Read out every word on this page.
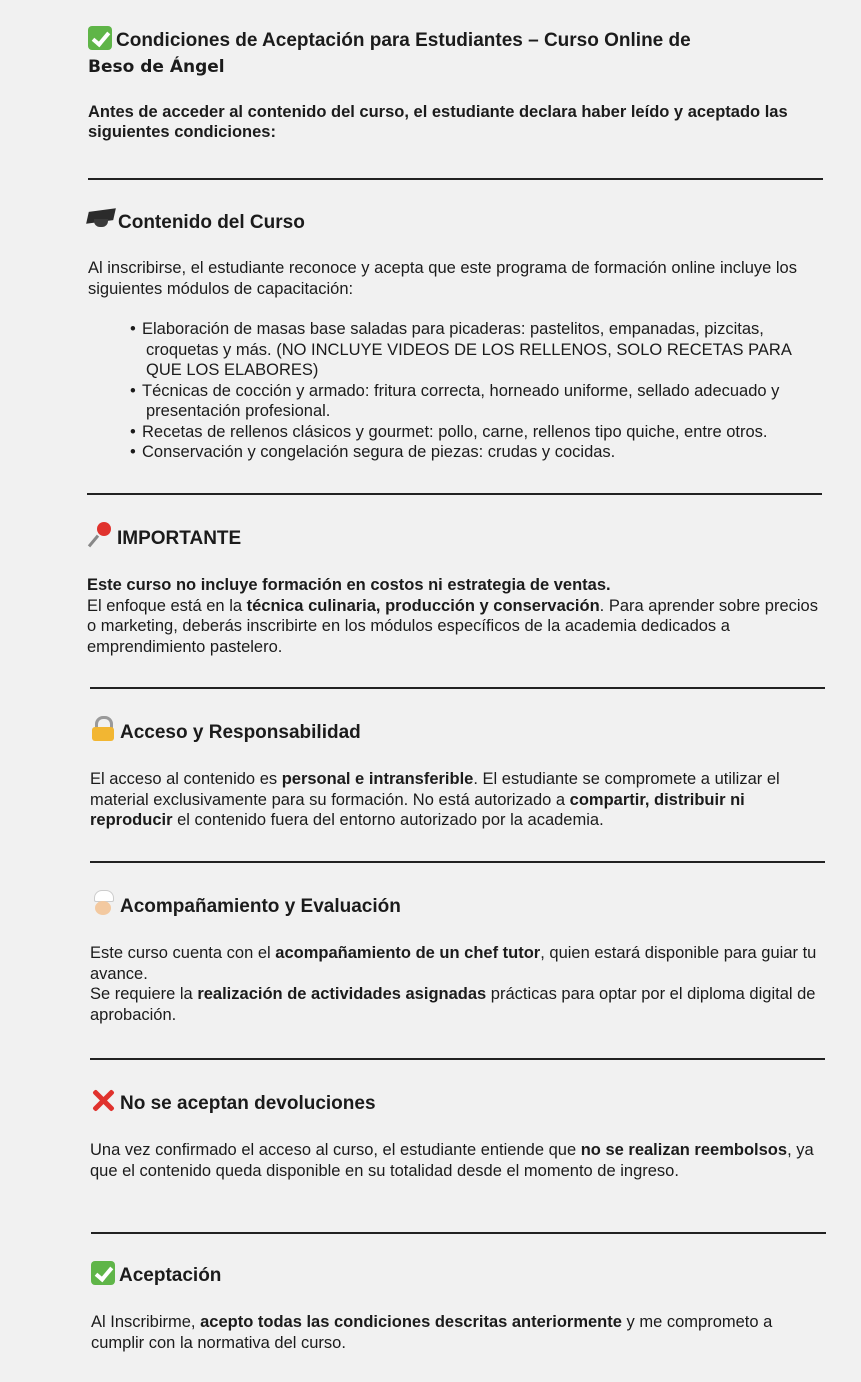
Condiciones de Aceptación para Estudiantes – Curso Online de
Beso de Ángel
Antes de acceder al contenido del curso, el estudiante declara haber leído y aceptado las siguientes condiciones:
Contenido del Curso

Al inscribirse, el estudiante reconoce y acepta que este programa de formación online incluye los siguientes módulos de capacitación:

• Elaboración de masas base saladas para picaderas: pastelitos, empanadas, pizcitas, croquetas y más. (NO INCLUYE VIDEOS DE LOS RELLENOS, SOLO RECETAS PARA QUE LOS ELABORES)
• Técnicas de cocción y armado: fritura correcta, horneado uniforme, sellado adecuado y presentación profesional.
• Recetas de rellenos clásicos y gourmet: pollo, carne, rellenos tipo quiche, entre otros.
• Conservación y congelación segura de piezas: crudas y cocidas.
IMPORTANTE

Este curso no incluye formación en costos ni estrategia de ventas.

El enfoque está en la técnica culinaria, producción y conservación. Para aprender sobre precios o marketing, deberás inscribirte en los módulos específicos de la academia dedicados a emprendimiento pastelero.

Acceso y Responsabilidad

El acceso al contenido es personal e intransferible. El estudiante se compromete a utilizar el material exclusivamente para su formación. No está autorizado a compartir, distribuir ni reproducir el contenido fuera del entorno autorizado por la academia.

Acompañamiento y Evaluación

Este curso cuenta con el acompañamiento de un chef tutor, quien estará disponible para guiar tu avance.

Se requiere la realización de actividades asignadas prácticas para optar por el diploma digital de aprobación.

No se aceptan devoluciones

Una vez confirmado el acceso al curso, el estudiante entiende que no se realizan reembolsos, ya que el contenido queda disponible en su totalidad desde el momento de ingreso.

Aceptación

Al Inscribirme, acepto todas las condiciones descritas anteriormente y me comprometo a cumplir con la normativa del curso.
